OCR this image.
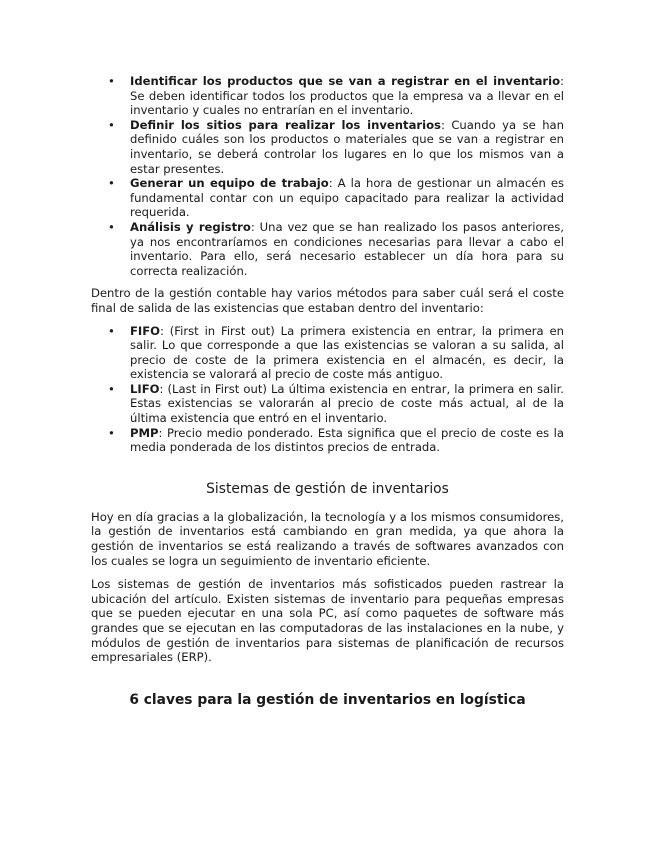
• Identificar los productos que se van a registrar en el inventario: Se deben identificar todos los productos que la empresa va a llevar en el inventario y cuales no entrarían en el inventario.
• Definir los sitios para realizar los inventarios: Cuando ya se han definido cuáles son los productos o materiales que se van a registrar en inventario, se deberá controlar los lugares en lo que los mismos van a estar presentes.
• Generar un equipo de trabajo: A la hora de gestionar un almacén es fundamental contar con un equipo capacitado para realizar la actividad requerida.
• Análisis y registro: Una vez que se han realizado los pasos anteriores, ya nos encontraríamos en condiciones necesarias para llevar a cabo el inventario. Para ello, será necesario establecer un día hora para su correcta realización.

Dentro de la gestión contable hay varios métodos para saber cuál será el coste final de salida de las existencias que estaban dentro del inventario:

• FIFO: (First in First out) La primera existencia en entrar, la primera en salir. Lo que corresponde a que las existencias se valoran a su salida, al precio de coste de la primera existencia en el almacén, es decir, la existencia se valorará al precio de coste más antiguo.
• LIFO: (Last in First out) La última existencia en entrar, la primera en salir. Estas existencias se valorarán al precio de coste más actual, al de la última existencia que entró en el inventario.
• PMP: Precio medio ponderado. Esta significa que el precio de coste es la media ponderada de los distintos precios de entrada.
Sistemas de gestión de inventarios

Hoy en día gracias a la globalización, la tecnología y a los mismos consumidores, la gestión de inventarios está cambiando en gran medida, ya que ahora la gestión de inventarios se está realizando a través de softwares avanzados con los cuales se logra un seguimiento de inventario eficiente.

Los sistemas de gestión de inventarios más sofisticados pueden rastrear la ubicación del artículo. Existen sistemas de inventario para pequeñas empresas que se pueden ejecutar en una sola PC, así como paquetes de software más grandes que se ejecutan en las computadoras de las instalaciones en la nube, y módulos de gestión de inventarios para sistemas de planificación de recursos empresariales (ERP).

6 claves para la gestión de inventarios en logística
